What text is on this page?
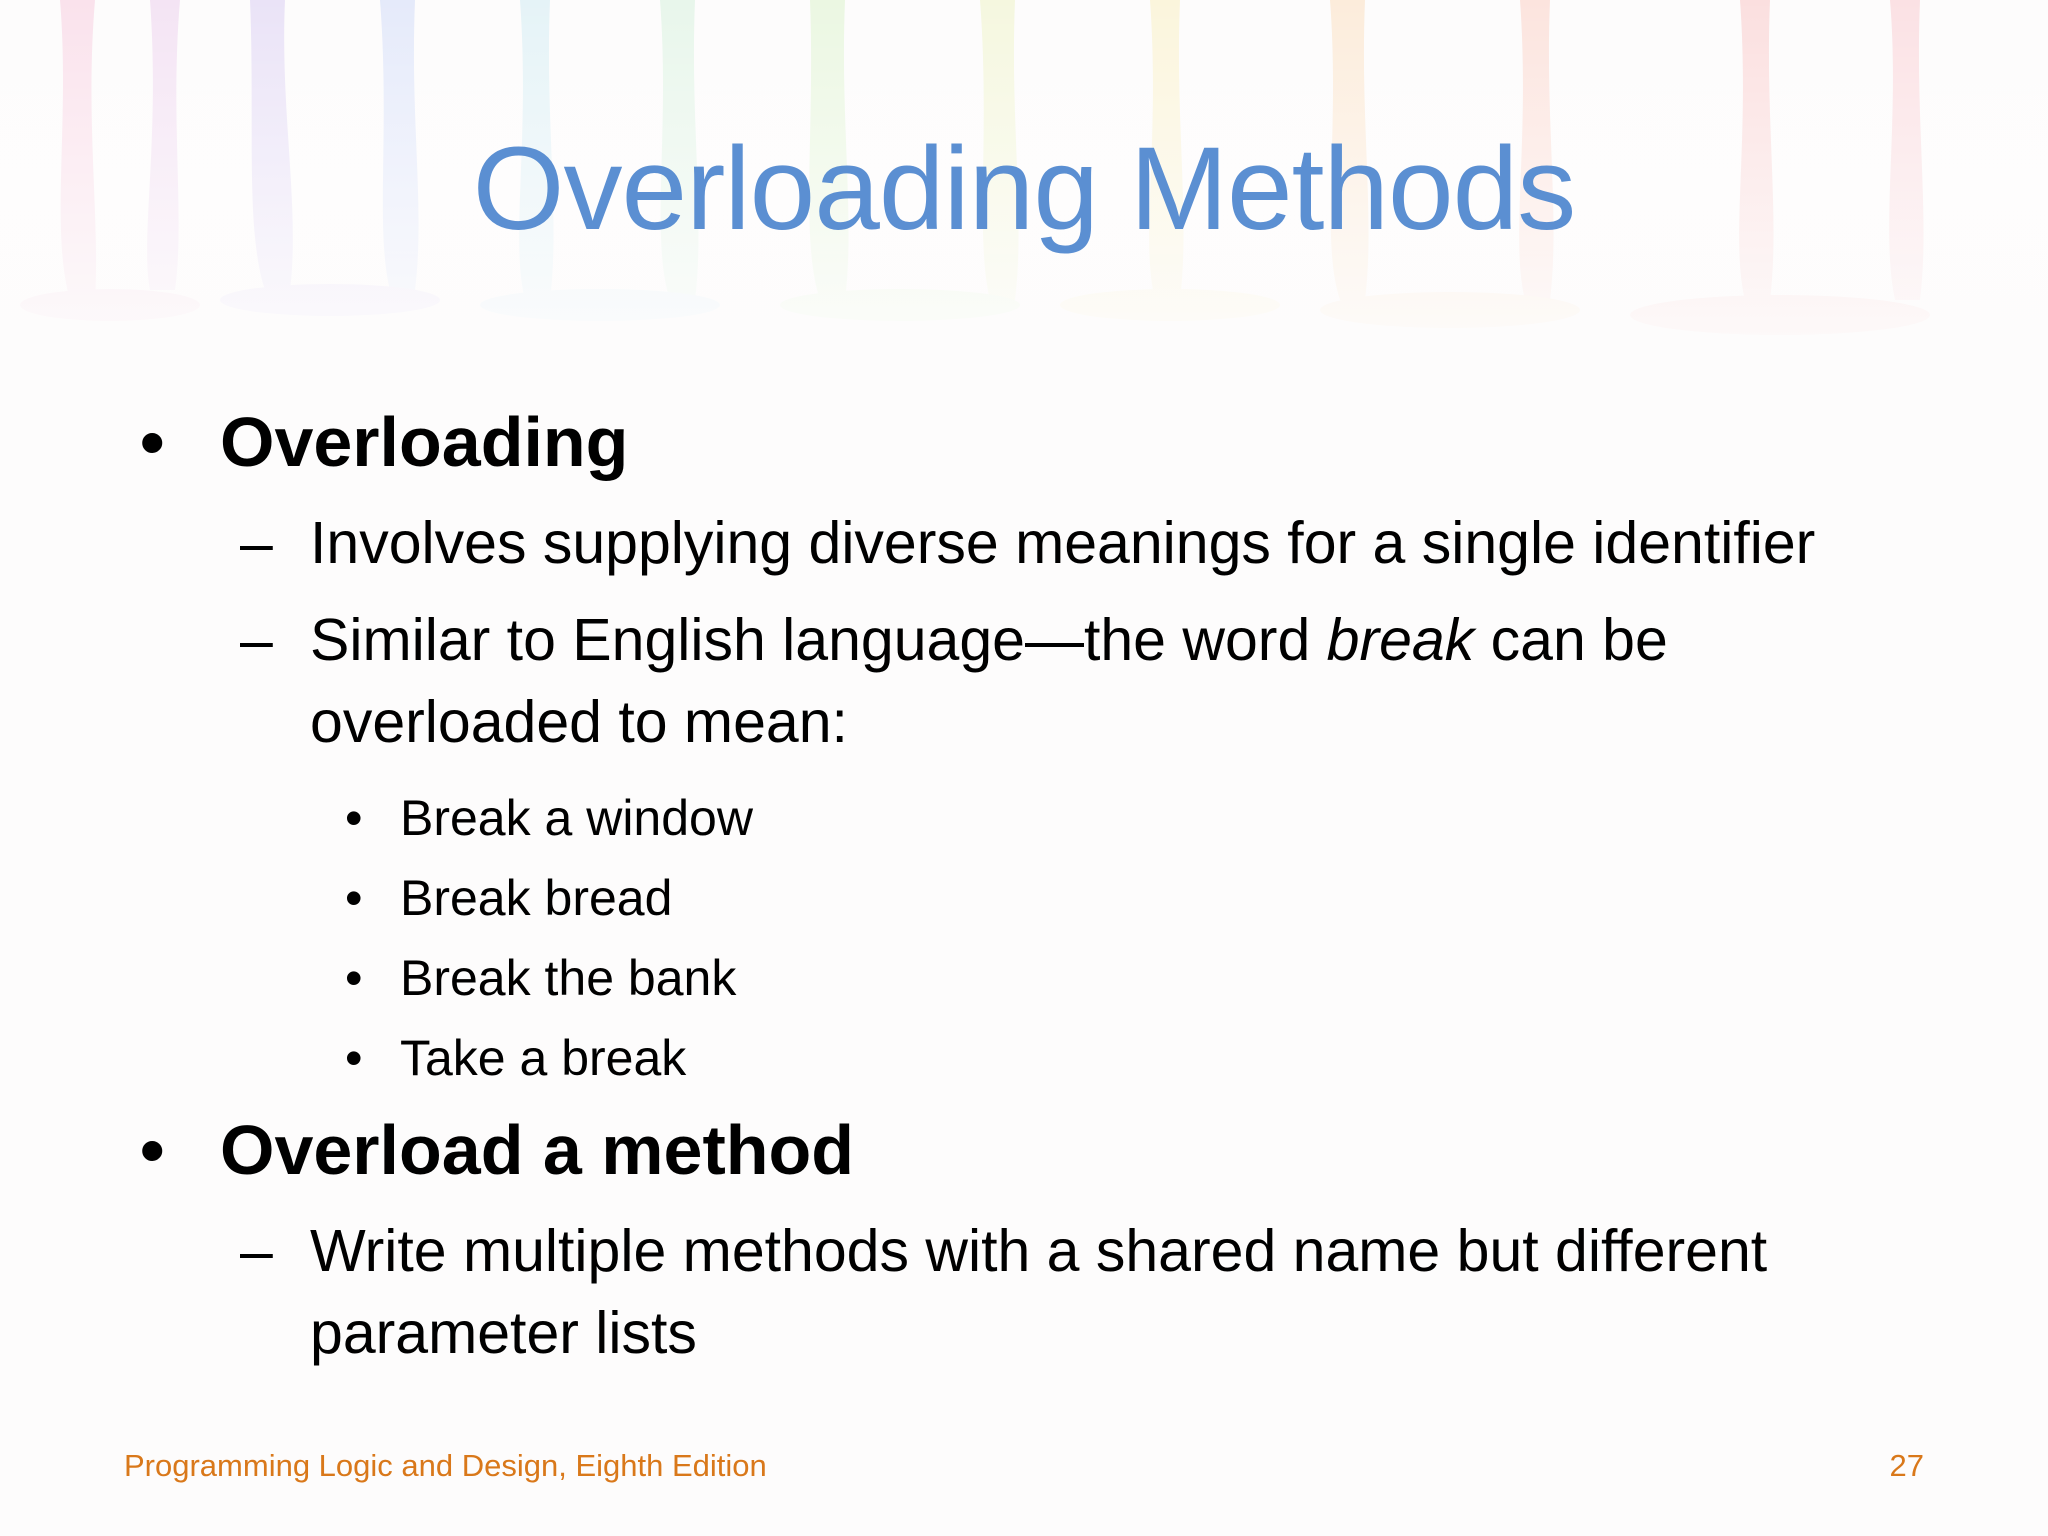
Overloading Methods
• Overloading
– Involves supplying diverse meanings for a single identifier
– Similar to English language—the word break can be overloaded to mean:
• Break a window
• Break bread
• Break the bank
• Take a break
• Overload a method
– Write multiple methods with a shared name but different parameter lists
Programming Logic and Design, Eighth Edition	27
